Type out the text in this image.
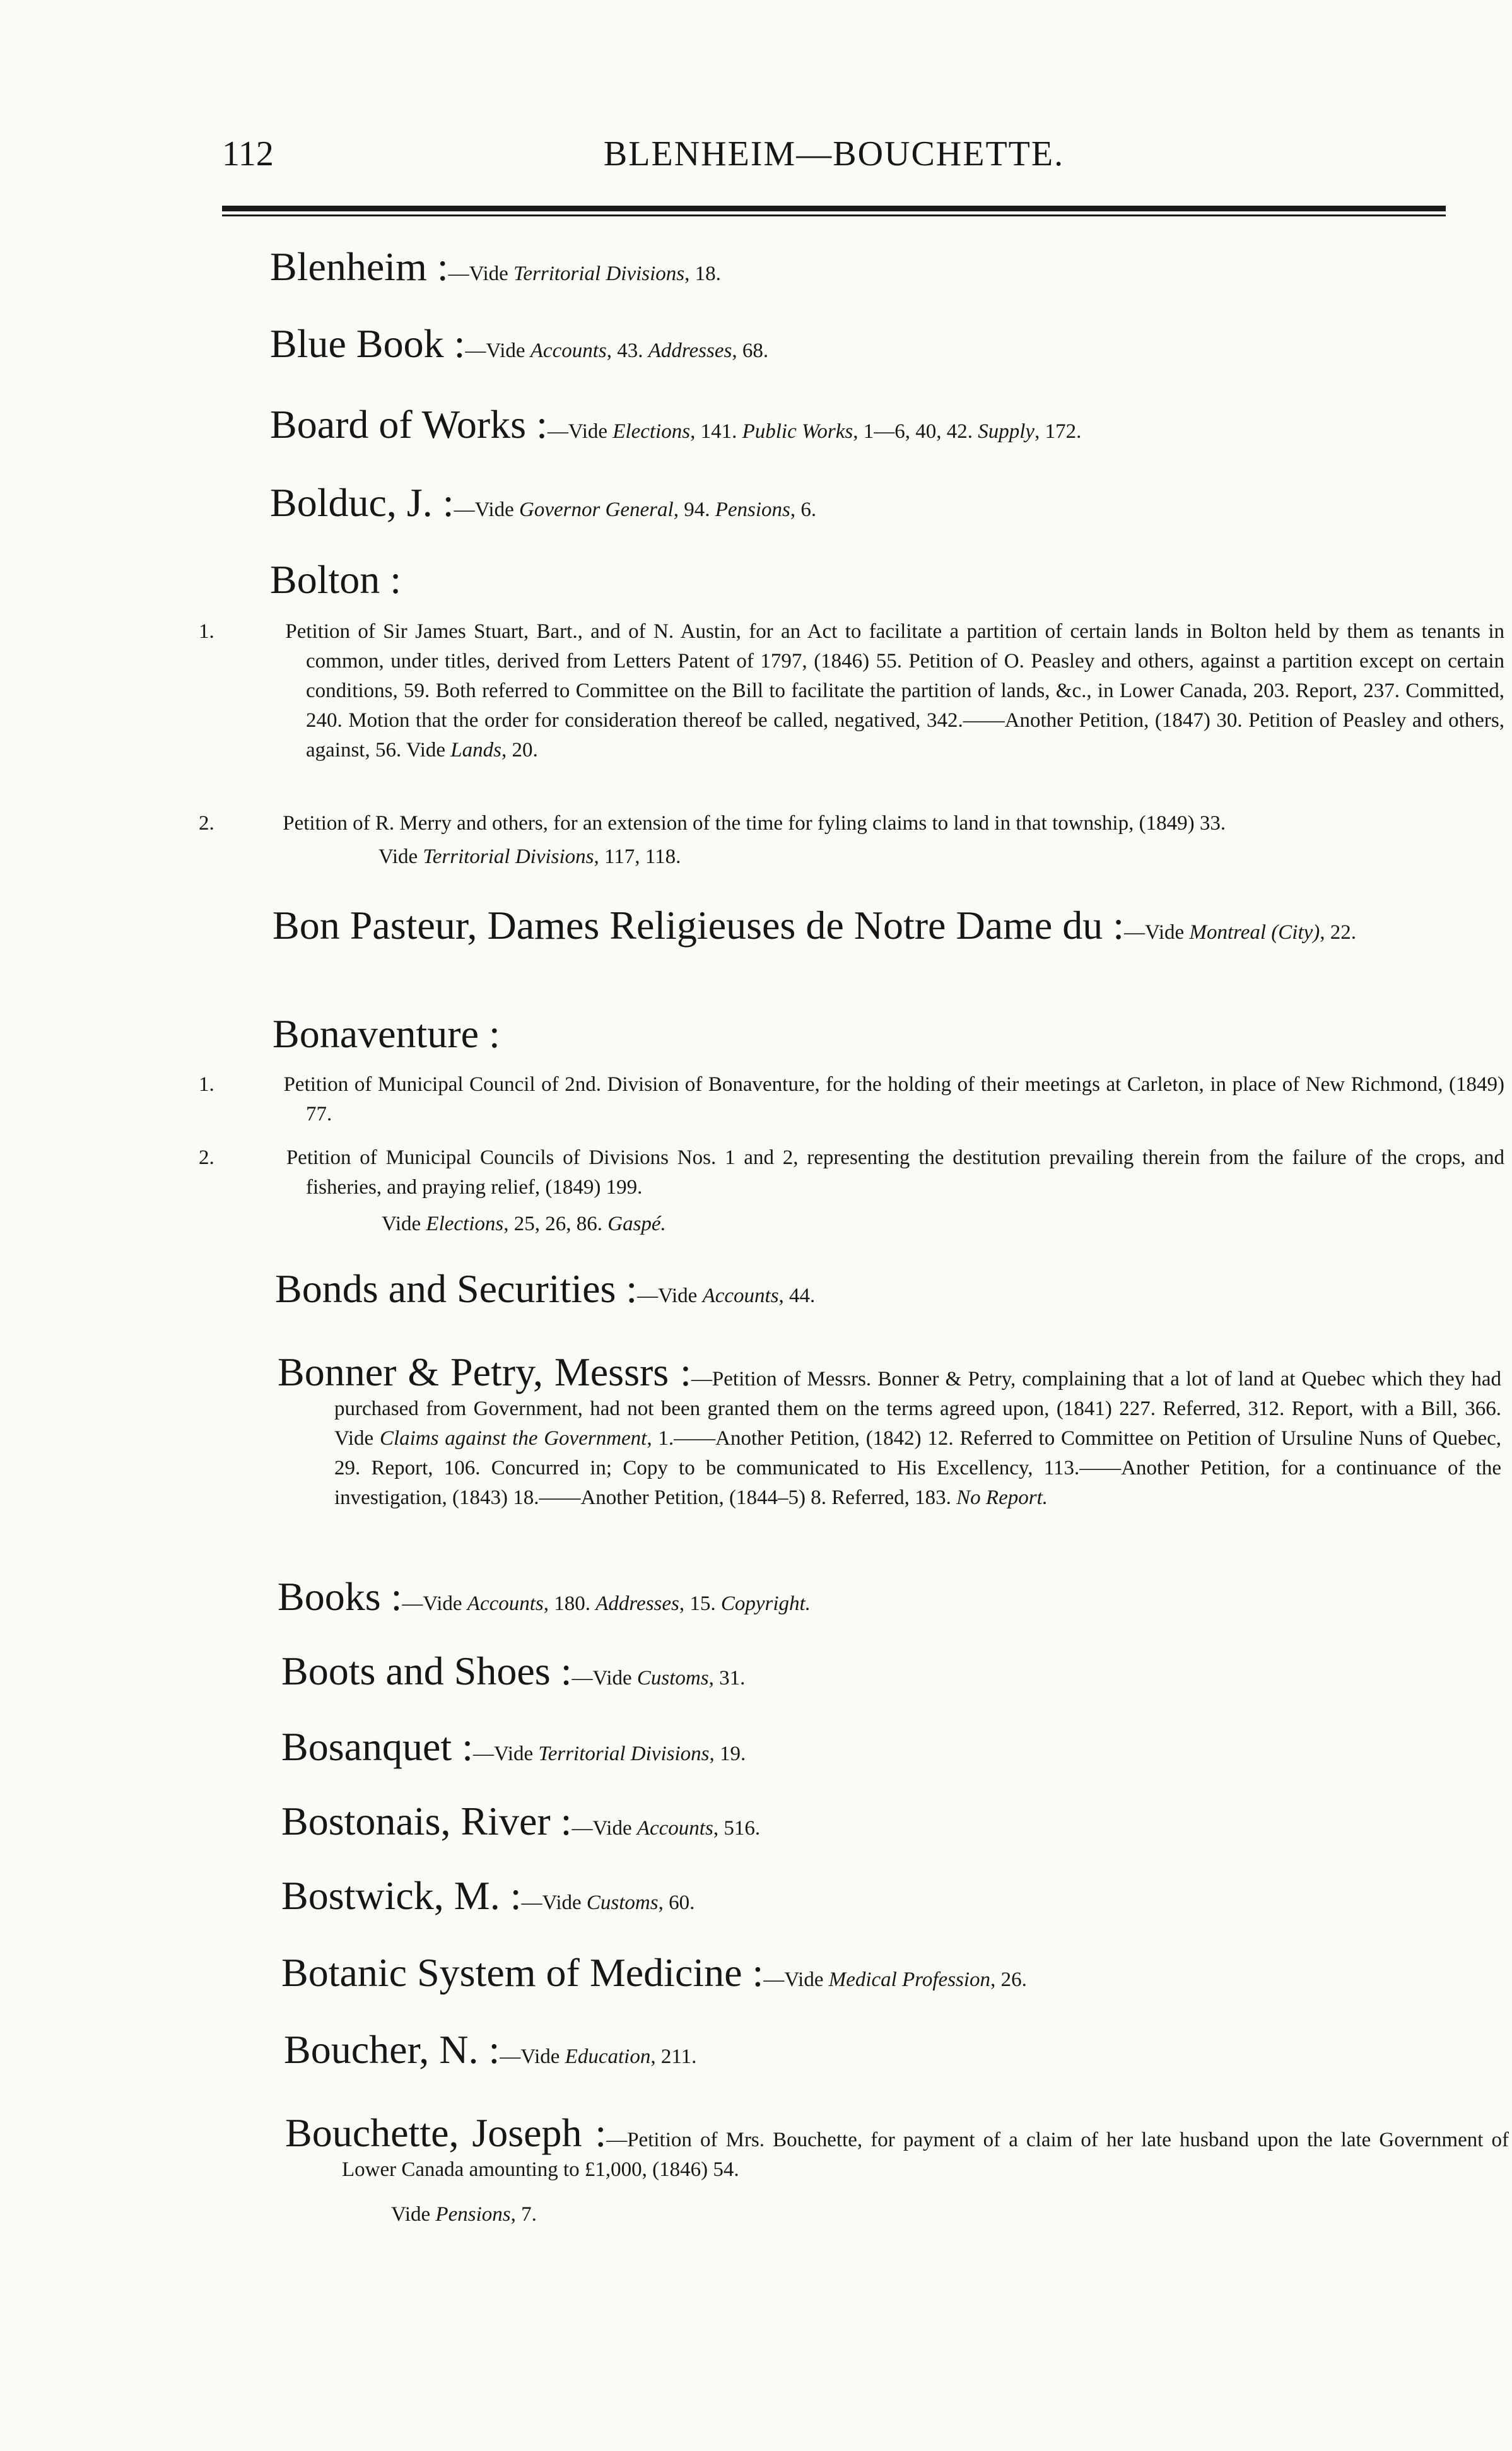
112	BLENHEIM—BOUCHETTE.
Blenheim :—Vide Territorial Divisions, 18.
Blue Book :—Vide Accounts, 43. Addresses, 68.
Board of Works :—Vide Elections, 141. Public Works, 1—6, 40, 42. Supply, 172.
Bolduc, J. :—Vide Governor General, 94. Pensions, 6.
Bolton :
1.	Petition of Sir James Stuart, Bart., and of N. Austin, for an Act to facilitate a partition of certain lands in Bolton held by them as tenants in common, under titles, derived from Letters Patent of 1797, (1846) 55. Petition of O. Peasley and others, against a partition except on certain conditions, 59. Both referred to Committee on the Bill to facilitate the partition of lands, &c., in Lower Canada, 203. Report, 237. Committed, 240. Motion that the order for consideration thereof be called, negatived, 342.——Another Petition, (1847) 30. Petition of Peasley and others, against, 56. Vide Lands, 20.
2.	Petition of R. Merry and others, for an extension of the time for fyling claims to land in that township, (1849) 33.
Vide Territorial Divisions, 117, 118.
Bon Pasteur, Dames Religieuses de Notre Dame du :—Vide Montreal (City), 22.
Bonaventure :
1.	Petition of Municipal Council of 2nd. Division of Bonaventure, for the holding of their meetings at Carleton, in place of New Richmond, (1849) 77.
2.	Petition of Municipal Councils of Divisions Nos. 1 and 2, representing the destitution prevailing therein from the failure of the crops, and fisheries, and praying relief, (1849) 199.
Vide Elections, 25, 26, 86. Gaspé.
Bonds and Securities :—Vide Accounts, 44.
Bonner & Petry, Messrs :—Petition of Messrs. Bonner & Petry, complaining that a lot of land at Quebec which they had purchased from Government, had not been granted them on the terms agreed upon, (1841) 227. Referred, 312. Report, with a Bill, 366. Vide Claims against the Government, 1.——Another Petition, (1842) 12. Referred to Committee on Petition of Ursuline Nuns of Quebec, 29. Report, 106. Concurred in; Copy to be communicated to His Excellency, 113.——Another Petition, for a continuance of the investigation, (1843) 18.——Another Petition, (1844–5) 8. Referred, 183. No Report.
Books :—Vide Accounts, 180. Addresses, 15. Copyright.
Boots and Shoes :—Vide Customs, 31.
Bosanquet :—Vide Territorial Divisions, 19.
Bostonais, River :—Vide Accounts, 516.
Bostwick, M. :—Vide Customs, 60.
Botanic System of Medicine :—Vide Medical Profession, 26.
Boucher, N. :—Vide Education, 211.
Bouchette, Joseph :—Petition of Mrs. Bouchette, for payment of a claim of her late husband upon the late Government of Lower Canada amounting to £1,000, (1846) 54.
Vide Pensions, 7.
